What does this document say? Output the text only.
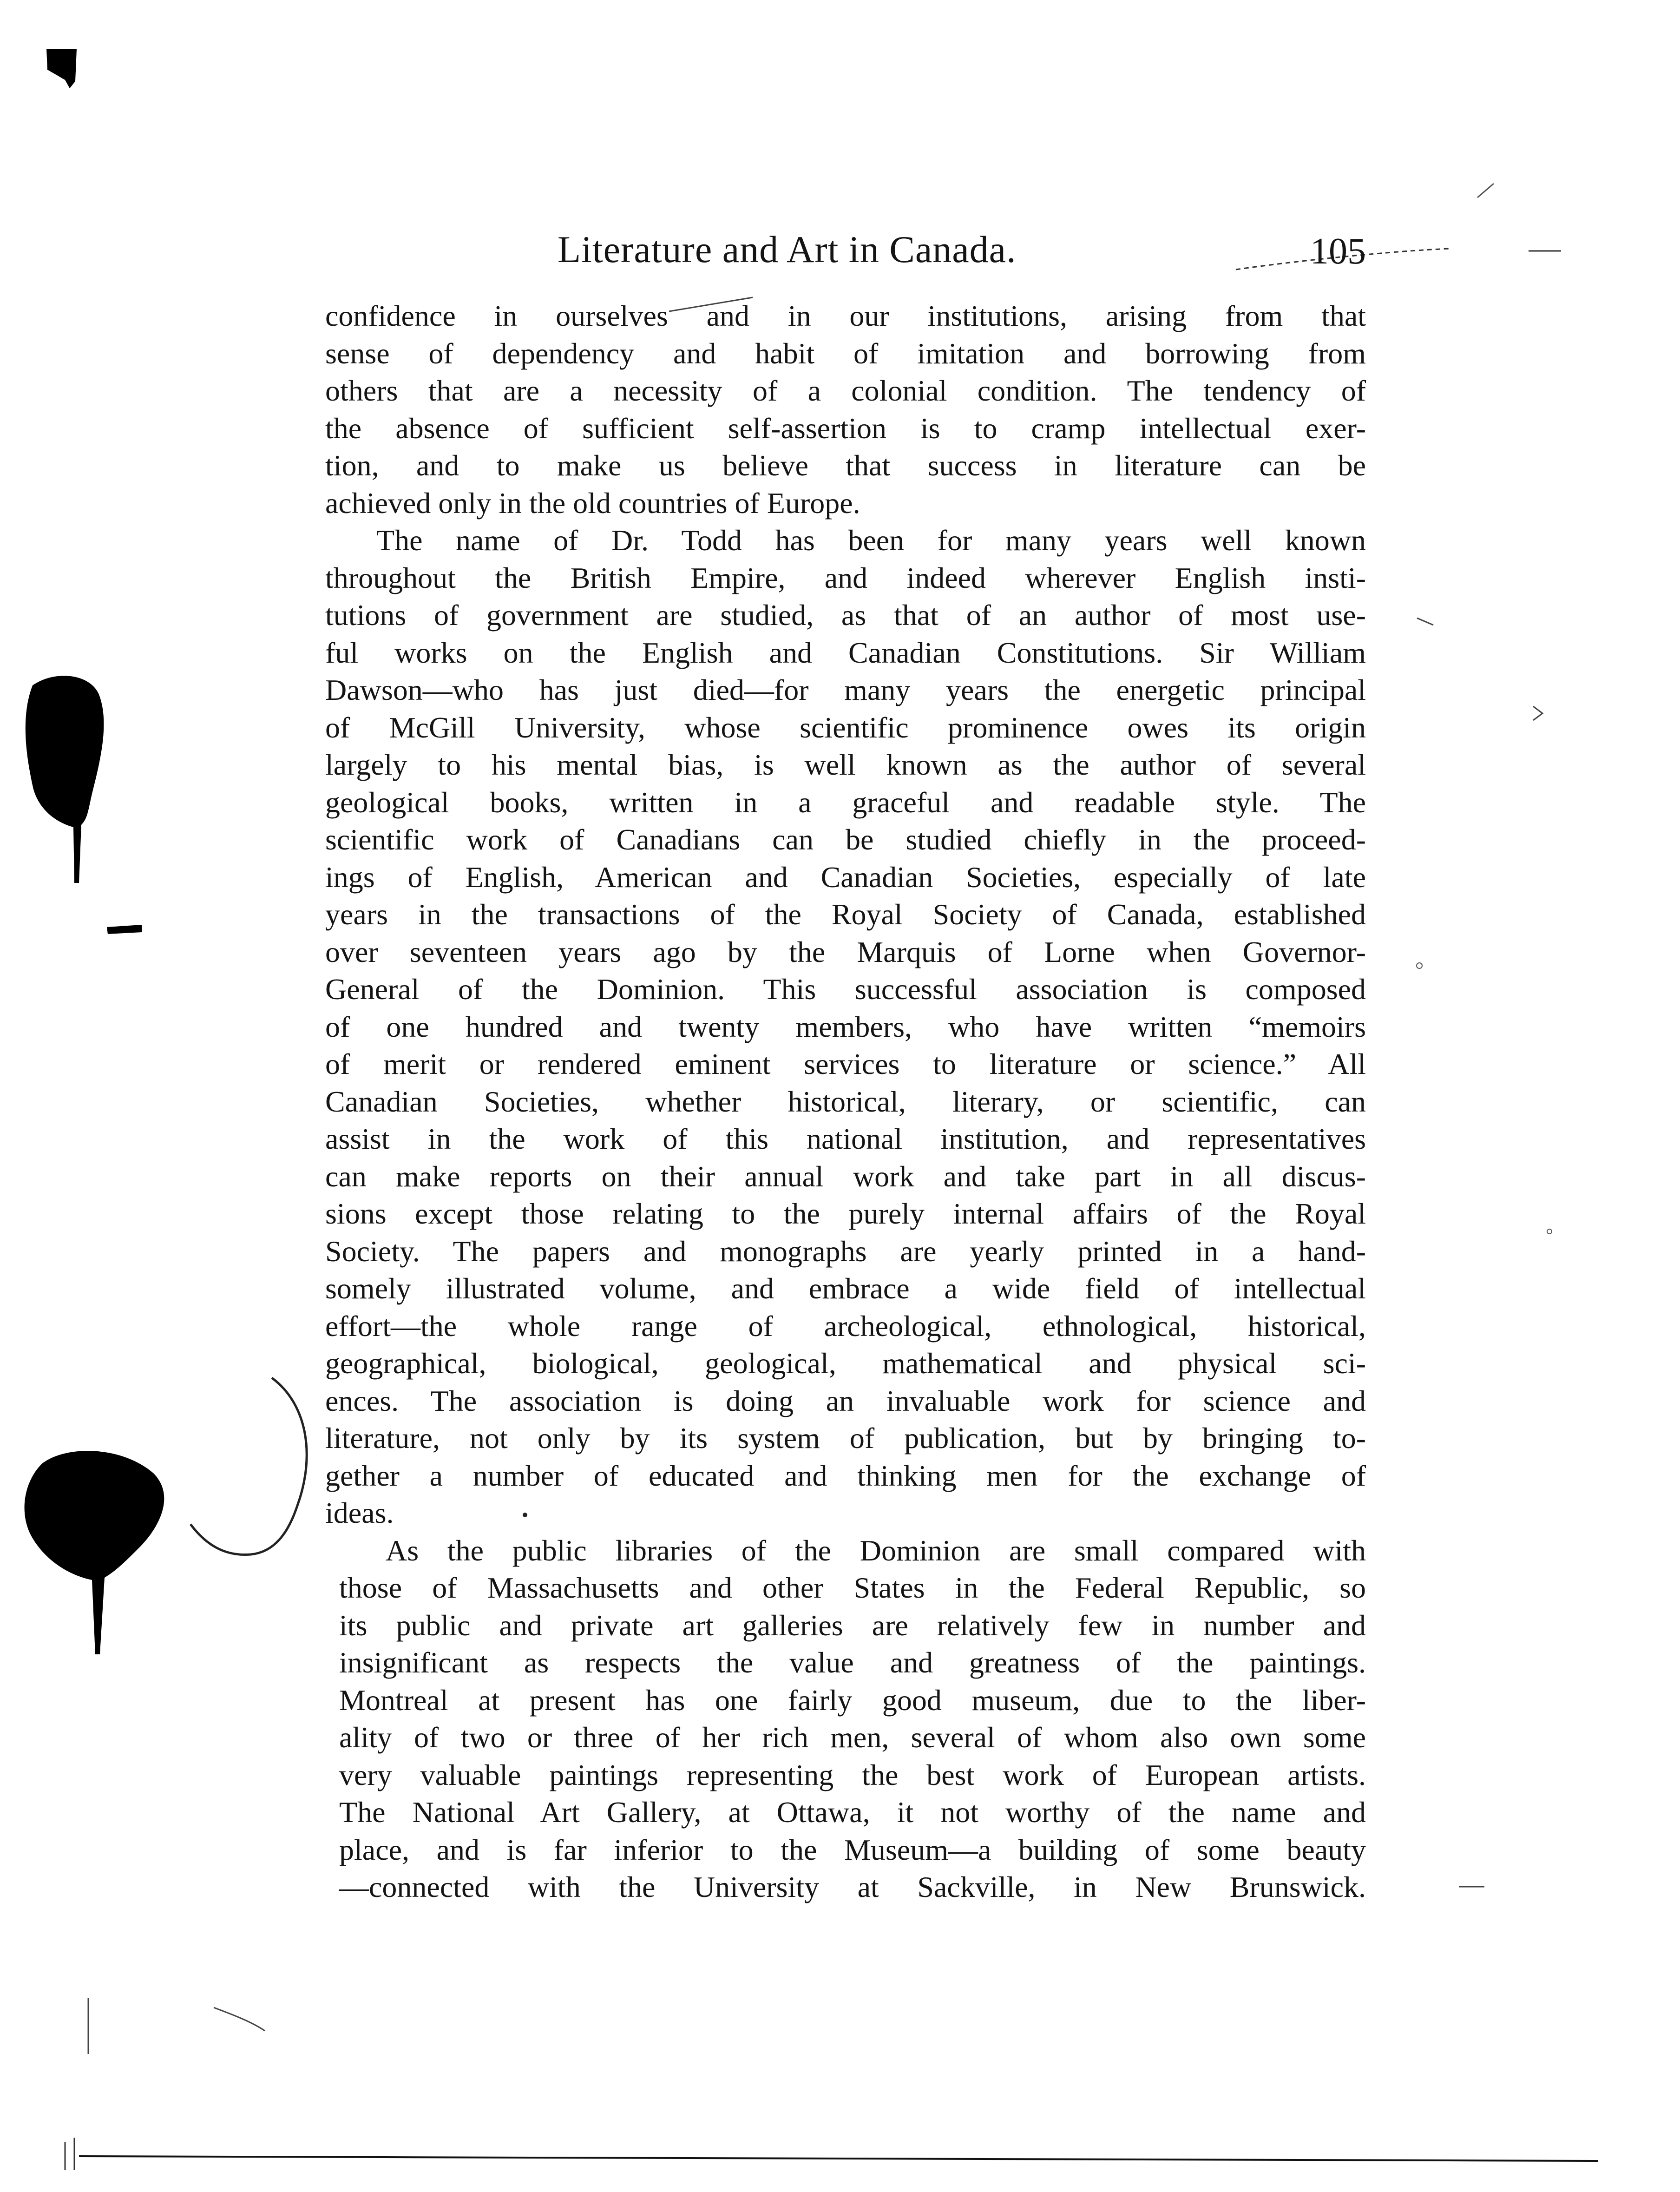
Literature and Art in Canada.	105

confidence in ourselves and in our institutions, arising from that
sense of dependency and habit of imitation and borrowing from
others that are a necessity of a colonial condition. The tendency of
the absence of sufficient self-assertion is to cramp intellectual exer-
tion, and to make us believe that success in literature can be
achieved only in the old countries of Europe.

The name of Dr. Todd has been for many years well known
throughout the British Empire, and indeed wherever English insti-
tutions of government are studied, as that of an author of most use-
ful works on the English and Canadian Constitutions. Sir William
Dawson—who has just died—for many years the energetic principal
of McGill University, whose scientific prominence owes its origin
largely to his mental bias, is well known as the author of several
geological books, written in a graceful and readable style. The
scientific work of Canadians can be studied chiefly in the proceed-
ings of English, American and Canadian Societies, especially of late
years in the transactions of the Royal Society of Canada, established
over seventeen years ago by the Marquis of Lorne when Governor-
General of the Dominion. This successful association is composed
of one hundred and twenty members, who have written “memoirs
of merit or rendered eminent services to literature or science.” All
Canadian Societies, whether historical, literary, or scientific, can
assist in the work of this national institution, and representatives
can make reports on their annual work and take part in all discus-
sions except those relating to the purely internal affairs of the Royal
Society. The papers and monographs are yearly printed in a hand-
somely illustrated volume, and embrace a wide field of intellectual
effort—the whole range of archeological, ethnological, historical,
geographical, biological, geological, mathematical and physical sci-
ences. The association is doing an invaluable work for science and
literature, not only by its system of publication, but by bringing to-
gether a number of educated and thinking men for the exchange of
ideas.

As the public libraries of the Dominion are small compared with
those of Massachusetts and other States in the Federal Republic, so
its public and private art galleries are relatively few in number and
insignificant as respects the value and greatness of the paintings.
Montreal at present has one fairly good museum, due to the liber-
ality of two or three of her rich men, several of whom also own some
very valuable paintings representing the best work of European artists.
The National Art Gallery, at Ottawa, it not worthy of the name and
place, and is far inferior to the Museum—a building of some beauty
—connected with the University at Sackville, in New Brunswick.
